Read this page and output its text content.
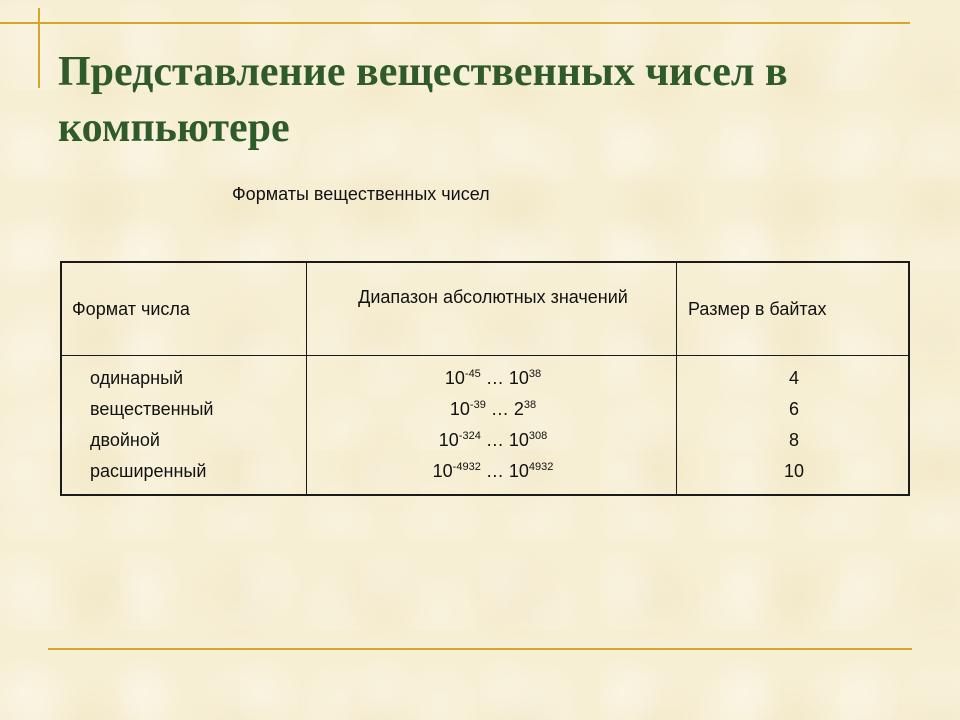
Представление вещественных чисел в компьютере
Форматы вещественных чисел
Формат числа
Диапазон абсолютных значений
Размер в байтах
одинарный
вещественный
двойной
расширенный
$10^{-45}$ … $10^{38}$
$10^{-39}$ … $2^{38}$
$10^{-324}$ … $10^{308}$
$10^{-4932}$ … $10^{4932}$
4
6
8
10
